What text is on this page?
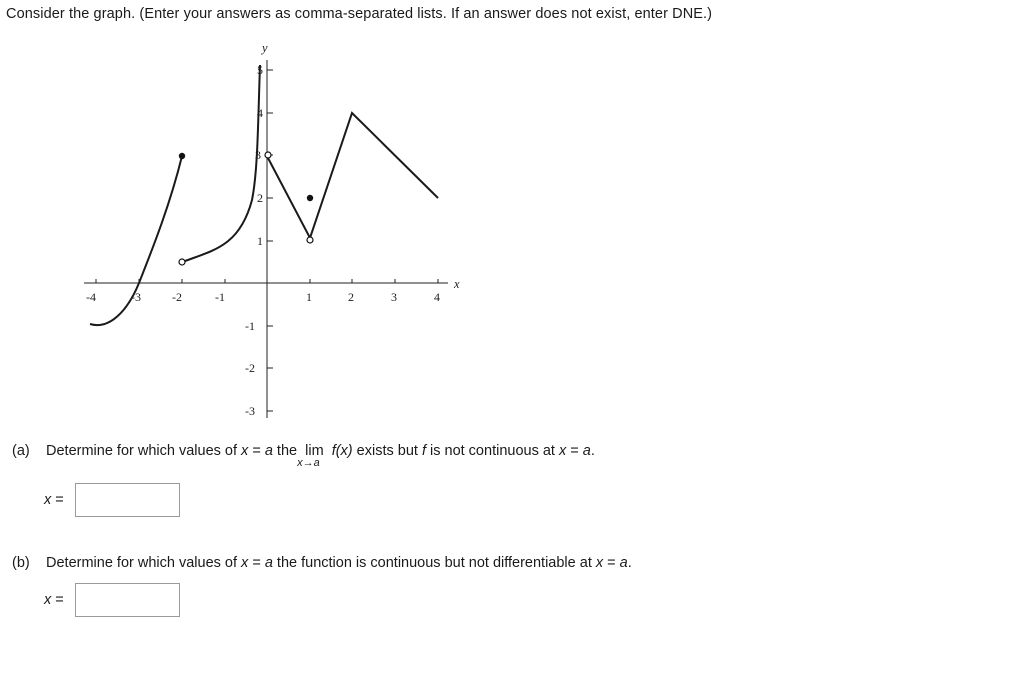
Consider the graph. (Enter your answers as comma-separated lists. If an answer does not exist, enter DNE.)
x
y
-4	-3	-2	-1	1	2	3	4
5
4
3
2
1
-1
-2
-3
(a) Determine for which values of x = a the lim
x→a
f(x) exists but f is not continuous at x = a.
x =
(b) Determine for which values of x = a the function is continuous but not differentiable at x = a.
x =
